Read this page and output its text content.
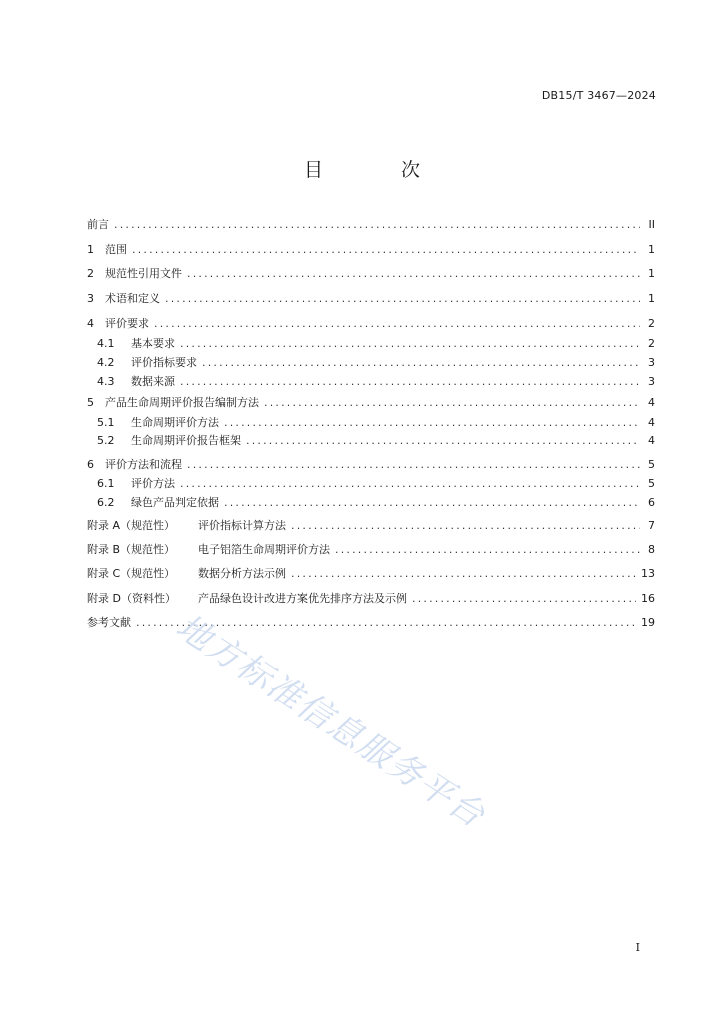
DB15/T 3467—2024
目 次
前言 .....	II
1	范围 .....	1
2	规范性引用文件 .....	1
3	术语和定义 .....	1
4	评价要求 .....	2
4.1	基本要求 .....	2
4.2	评价指标要求 .....	3
4.3	数据来源 .....	3
5	产品生命周期评价报告编制方法 .....	4
5.1	生命周期评价方法 .....	4
5.2	生命周期评价报告框架 .....	4
6	评价方法和流程 .....	5
6.1	评价方法 .....	5
6.2	绿色产品判定依据 .....	6
附录 A（规范性）	评价指标计算方法 .....	7
附录 B（规范性）	电子铝箔生命周期评价方法 .....	8
附录 C（规范性）	数据分析方法示例 .....	13
附录 D（资料性）	产品绿色设计改进方案优先排序方法及示例 .....	16
参考文献 .....	19
地方标准信息服务平台
I
